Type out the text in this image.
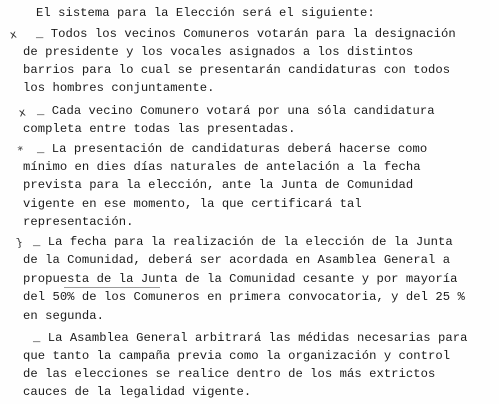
El sistema para la Elección será el siguiente:
x _ Todos los vecinos Comuneros votarán para la designación
de presidente y los vocales asignados a los distintos
barrios para lo cual se presentarán candidaturas con todos
los hombres conjuntamente.
x _ Cada vecino Comunero votará por una sóla candidatura
completa entre todas las presentadas.
* _ La presentación de candidaturas deberá hacerse como
mínimo en dies días naturales de antelación a la fecha
prevista para la elección, ante la Junta de Comunidad
vigente en ese momento, la que certificará tal
representación.
} _ La fecha para la realización de la elección de la Junta
de la Comunidad, deberá ser acordada en Asamblea General a
propuesta de la Junta de la Comunidad cesante y por mayoría
del 50% de los Comuneros en primera convocatoria, y del 25 %
en segunda.
_ La Asamblea General arbitrará las médidas necesarias para
que tanto la campaña previa como la organización y control
de las elecciones se realice dentro de los más extrictos
cauces de la legalidad vigente.
